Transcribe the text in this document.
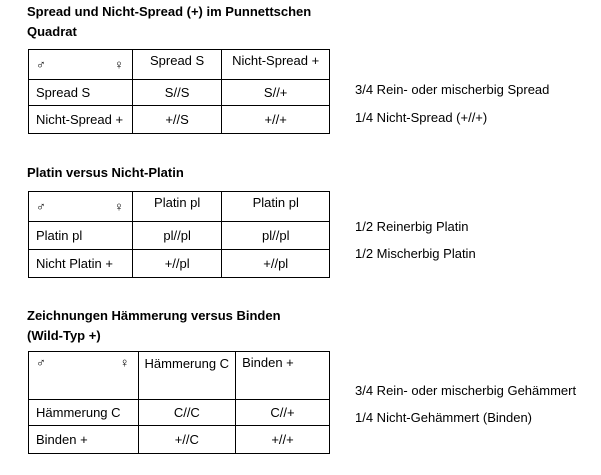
Spread und Nicht-Spread (+) im Punnettschen
Quadrat
♂ ♀	Spread S	Nicht-Spread +
Spread S	S//S	S//+
Nicht-Spread +	+//S	+//+
3/4 Rein- oder mischerbig Spread
1/4 Nicht-Spread (+//+)
Platin versus Nicht-Platin
♂ ♀	Platin pl	Platin pl
Platin pl	pl//pl	pl//pl
Nicht Platin +	+//pl	+//pl
1/2 Reinerbig Platin
1/2 Mischerbig Platin
Zeichnungen Hämmerung versus Binden
(Wild-Typ +)
♂ ♀	Hämmerung C	Binden +
Hämmerung C	C//C	C//+
Binden +	+//C	+//+
3/4 Rein- oder mischerbig Gehämmert
1/4 Nicht-Gehämmert (Binden)
